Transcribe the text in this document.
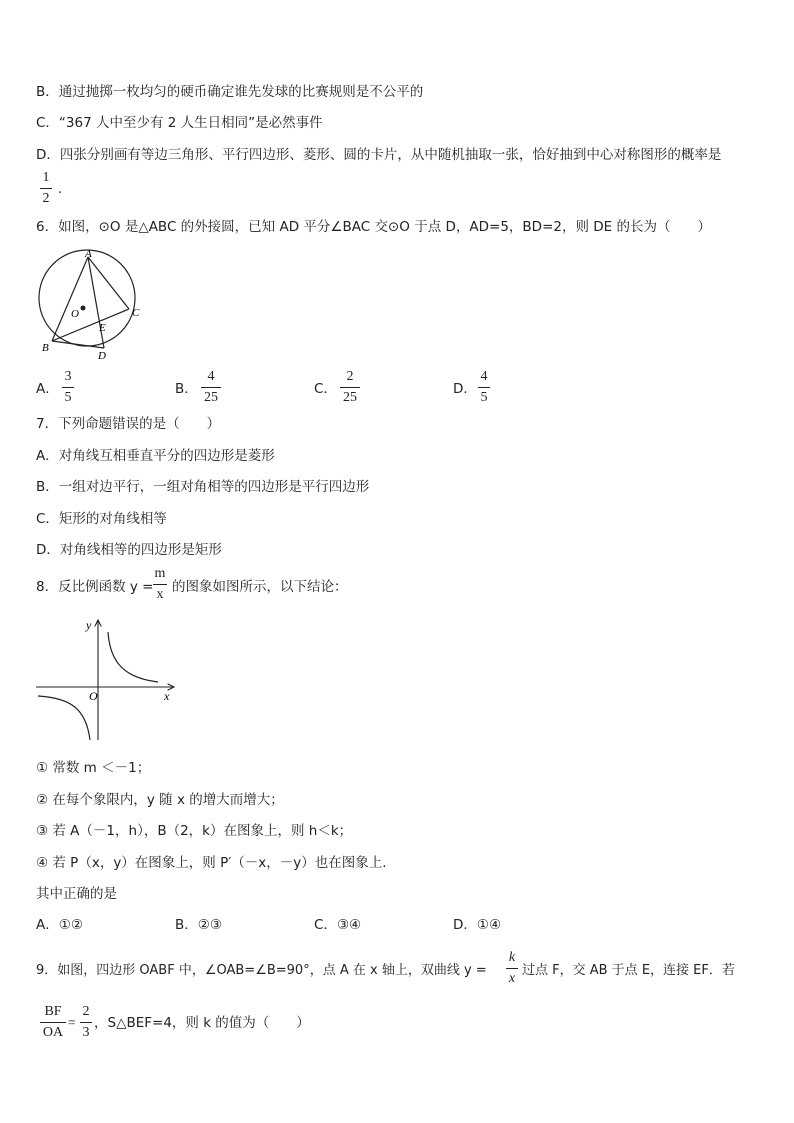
B．通过抛掷一枚均匀的硬币确定谁先发球的比赛规则是不公平的
C．“367 人中至少有 2 人生日相同”是必然事件
D．四张分别画有等边三角形、平行四边形、菱形、圆的卡片，从中随机抽取一张，恰好抽到中心对称图形的概率是
1
2
.
6．如图，⊙O 是△ABC 的外接圆，已知 AD 平分∠BAC 交⊙O 于点 D，AD=5，BD=2，则 DE 的长为（　　）
A
C
O
E
B
D
A．
3
5
B．
4
25
C．
2
25
D．
4
5
7．下列命题错误的是（　　）
A．对角线互相垂直平分的四边形是菱形
B．一组对边平行，一组对角相等的四边形是平行四边形
C．矩形的对角线相等
D．对角线相等的四边形是矩形
8．反比例函数 y =
m
x 的图象如图所示，以下结论：
y
x
O
① 常数 m ＜－1；
② 在每个象限内，y 随 x 的增大而增大；
③ 若 A（－1，h），B（2，k）在图象上，则 h＜k；
④ 若 P（x，y）在图象上，则 P′（－x，－y）也在图象上.
其中正确的是
A．①②	B．②③	C．③④	D．①④
9．如图，四边形 OABF 中，∠OAB=∠B=90°，点 A 在 x 轴上，双曲线 y =
k
x
过点 F，交 AB 于点 E，连接 EF．若
BF
OA
=
2
3
，S△BEF=4，则 k 的值为（　　）
